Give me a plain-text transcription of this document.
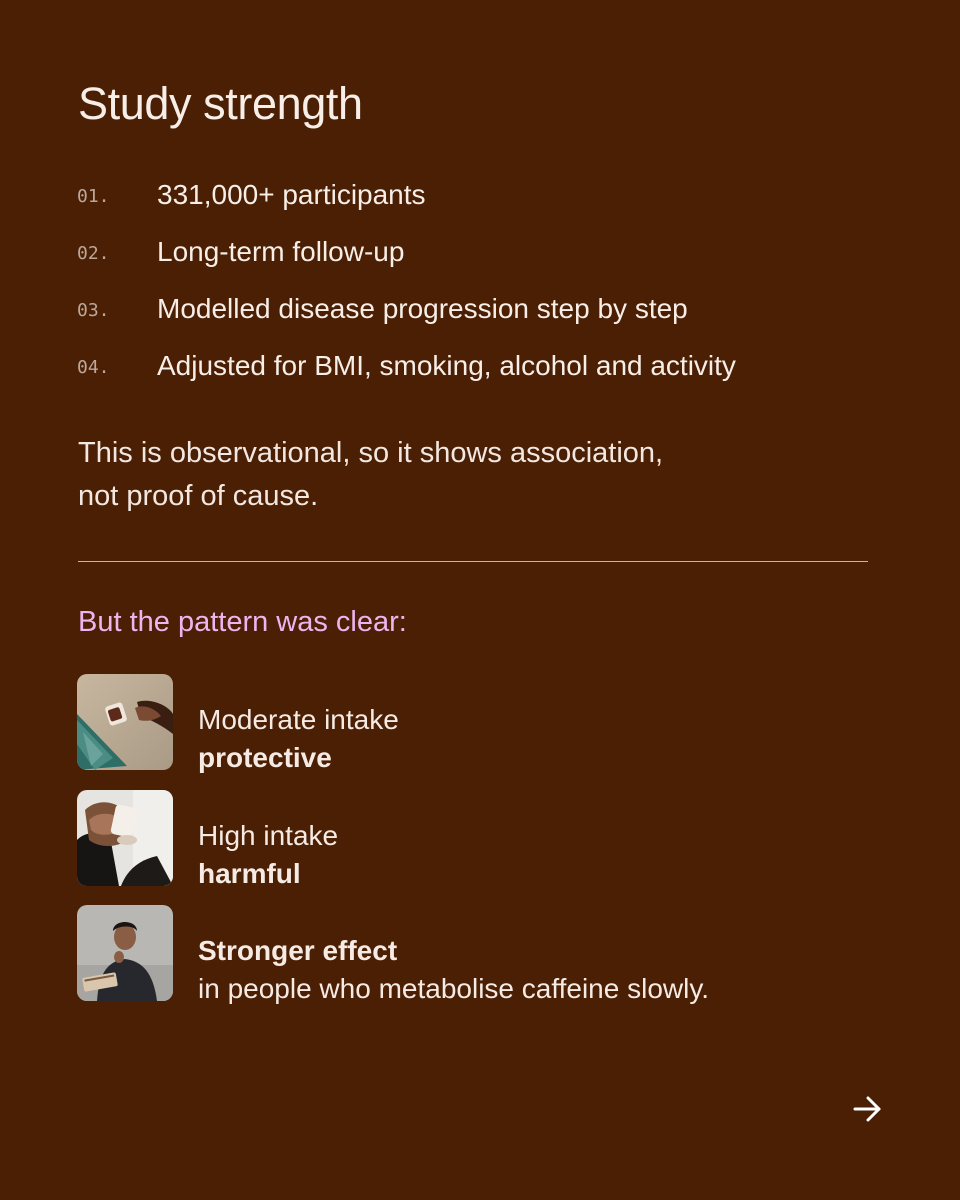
Study strength
01.	331,000+ participants
02.	Long-term follow-up
03.	Modelled disease progression step by step
04.	Adjusted for BMI, smoking, alcohol and activity

This is observational, so it shows association,
not proof of cause.

But the pattern was clear:
Moderate intake
protective
High intake
harmful
Stronger effect
in people who metabolise caffeine slowly.
